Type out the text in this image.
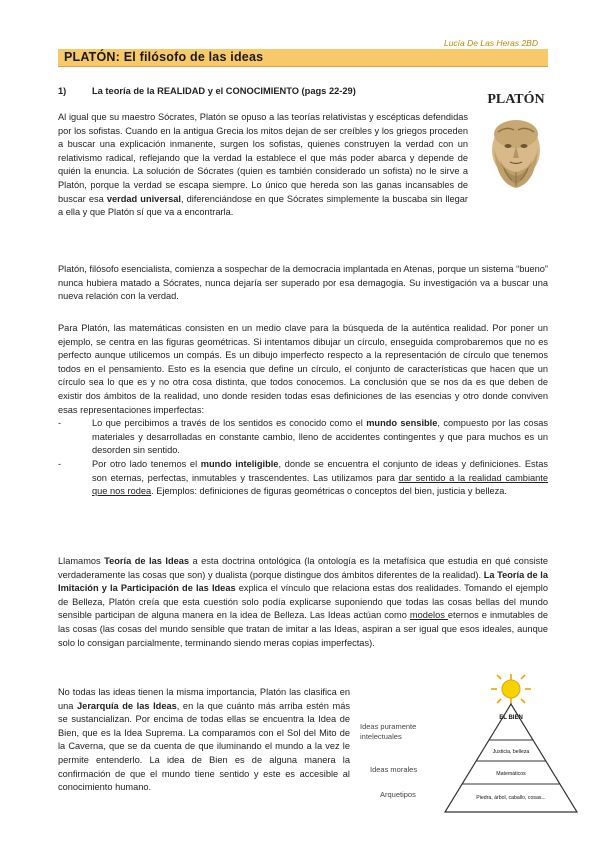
Lucía De Las Heras 2BD
PLATÓN: El filósofo de las ideas
1)	La teoría de la REALIDAD y el CONOCIMIENTO (pags 22-29)
PLATÓN

Al igual que su maestro Sócrates, Platón se opuso a las teorías relativistas y escépticas defendidas por los sofistas. Cuando en la antigua Grecia los mitos dejan de ser creíbles y los griegos proceden a buscar una explicación inmanente, surgen los sofistas, quienes construyen la verdad con un relativismo radical, reflejando que la verdad la establece el que más poder abarca y depende de quién la enuncia. La solución de Sócrates (quien es también considerado un sofista) no le sirve a Platón, porque la verdad se escapa siempre. Lo único que hereda son las ganas incansables de buscar esa verdad universal, diferenciándose en que Sócrates simplemente la buscaba sin llegar a ella y que Platón sí que va a encontrarla.

Platón, filósofo esencialista, comienza a sospechar de la democracia implantada en Atenas, porque un sistema “bueno” nunca hubiera matado a Sócrates, nunca dejaría ser superado por esa demagogia. Su investigación va a buscar una nueva relación con la verdad.

Para Platón, las matemáticas consisten en un medio clave para la búsqueda de la auténtica realidad. Por poner un ejemplo, se centra en las figuras geométricas. Si intentamos dibujar un círculo, enseguida comprobaremos que no es perfecto aunque utilicemos un compás. Es un dibujo imperfecto respecto a la representación de círculo que tenemos todos en el pensamiento. Esto es la esencia que define un círculo, el conjunto de características que hacen que un círculo sea lo que es y no otra cosa distinta, que todos conocemos. La conclusión que se nos da es que deben de existir dos ámbitos de la realidad, uno donde residen todas esas definiciones de las esencias y otro donde conviven esas representaciones imperfectas:

-	Lo que percibimos a través de los sentidos es conocido como el mundo sensible, compuesto por las cosas materiales y desarrolladas en constante cambio, lleno de accidentes contingentes y que para muchos es un desorden sin sentido.
-	Por otro lado tenemos el mundo inteligible, donde se encuentra el conjunto de ideas y definiciones. Estas son eternas, perfectas, inmutables y trascendentes. Las utilizamos para dar sentido a la realidad cambiante que nos rodea. Ejemplos: definiciones de figuras geométricas o conceptos del bien, justicia y belleza.

Llamamos Teoría de las Ideas a esta doctrina ontológica (la ontología es la metafísica que estudia en qué consiste verdaderamente las cosas que son) y dualista (porque distingue dos ámbitos diferentes de la realidad). La Teoría de la Imitación y la Participación de las Ideas explica el vínculo que relaciona estas dos realidades. Tomando el ejemplo de Belleza, Platón creía que esta cuestión solo podía explicarse suponiendo que todas las cosas bellas del mundo sensible participan de alguna manera en la idea de Belleza. Las Ideas actúan como modelos eternos e inmutables de las cosas (las cosas del mundo sensible que tratan de imitar a las Ideas, aspiran a ser igual que esos ideales, aunque solo lo consigan parcialmente, terminando siendo meras copias imperfectas).

No todas las ideas tienen la misma importancia, Platón las clasifica en una Jerarquía de las Ideas, en la que cuánto más arriba estén más se sustancializan. Por encima de todas ellas se encuentra la Idea de Bien, que es la Idea Suprema. La comparamos con el Sol del Mito de la Caverna, que se da cuenta de que iluminando el mundo a la vez le permite entenderlo. La idea de Bien es de alguna manera la confirmación de que el mundo tiene sentido y este es accesible al conocimiento humano.

Ideas puramente intelectuales
Ideas morales
Arquetipos
EL BIEN
Justicia, belleza
Matemáticos
Piedra, árbol, caballo, cosas...
